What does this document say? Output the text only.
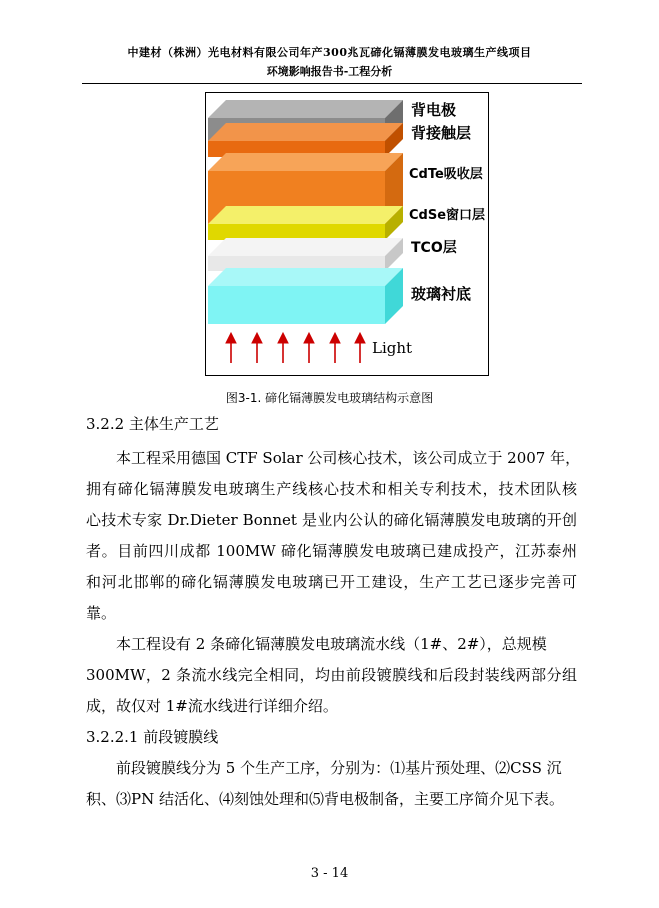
中建材（株洲）光电材料有限公司年产300兆瓦碲化镉薄膜发电玻璃生产线项目
环境影响报告书-工程分析
背电极
背接触层
CdTe吸收层
CdSe窗口层
TCO层
玻璃衬底
Light
图3-1. 碲化镉薄膜发电玻璃结构示意图
3.2.2 主体生产工艺
本工程采用德国 CTF Solar 公司核心技术，该公司成立于 2007 年，
拥有碲化镉薄膜发电玻璃生产线核心技术和相关专利技术，技术团队核
心技术专家 Dr.Dieter Bonnet 是业内公认的碲化镉薄膜发电玻璃的开创
者。目前四川成都 100MW 碲化镉薄膜发电玻璃已建成投产，江苏泰州
和河北邯郸的碲化镉薄膜发电玻璃已开工建设，生产工艺已逐步完善可
靠。
本工程设有 2 条碲化镉薄膜发电玻璃流水线（1#、2#），总规模
300MW，2 条流水线完全相同，均由前段镀膜线和后段封装线两部分组
成，故仅对 1#流水线进行详细介绍。
3.2.2.1 前段镀膜线
前段镀膜线分为 5 个生产工序，分别为：⑴基片预处理、⑵CSS 沉
积、⑶PN 结活化、⑷刻蚀处理和⑸背电极制备，主要工序简介见下表。
3 - 14
